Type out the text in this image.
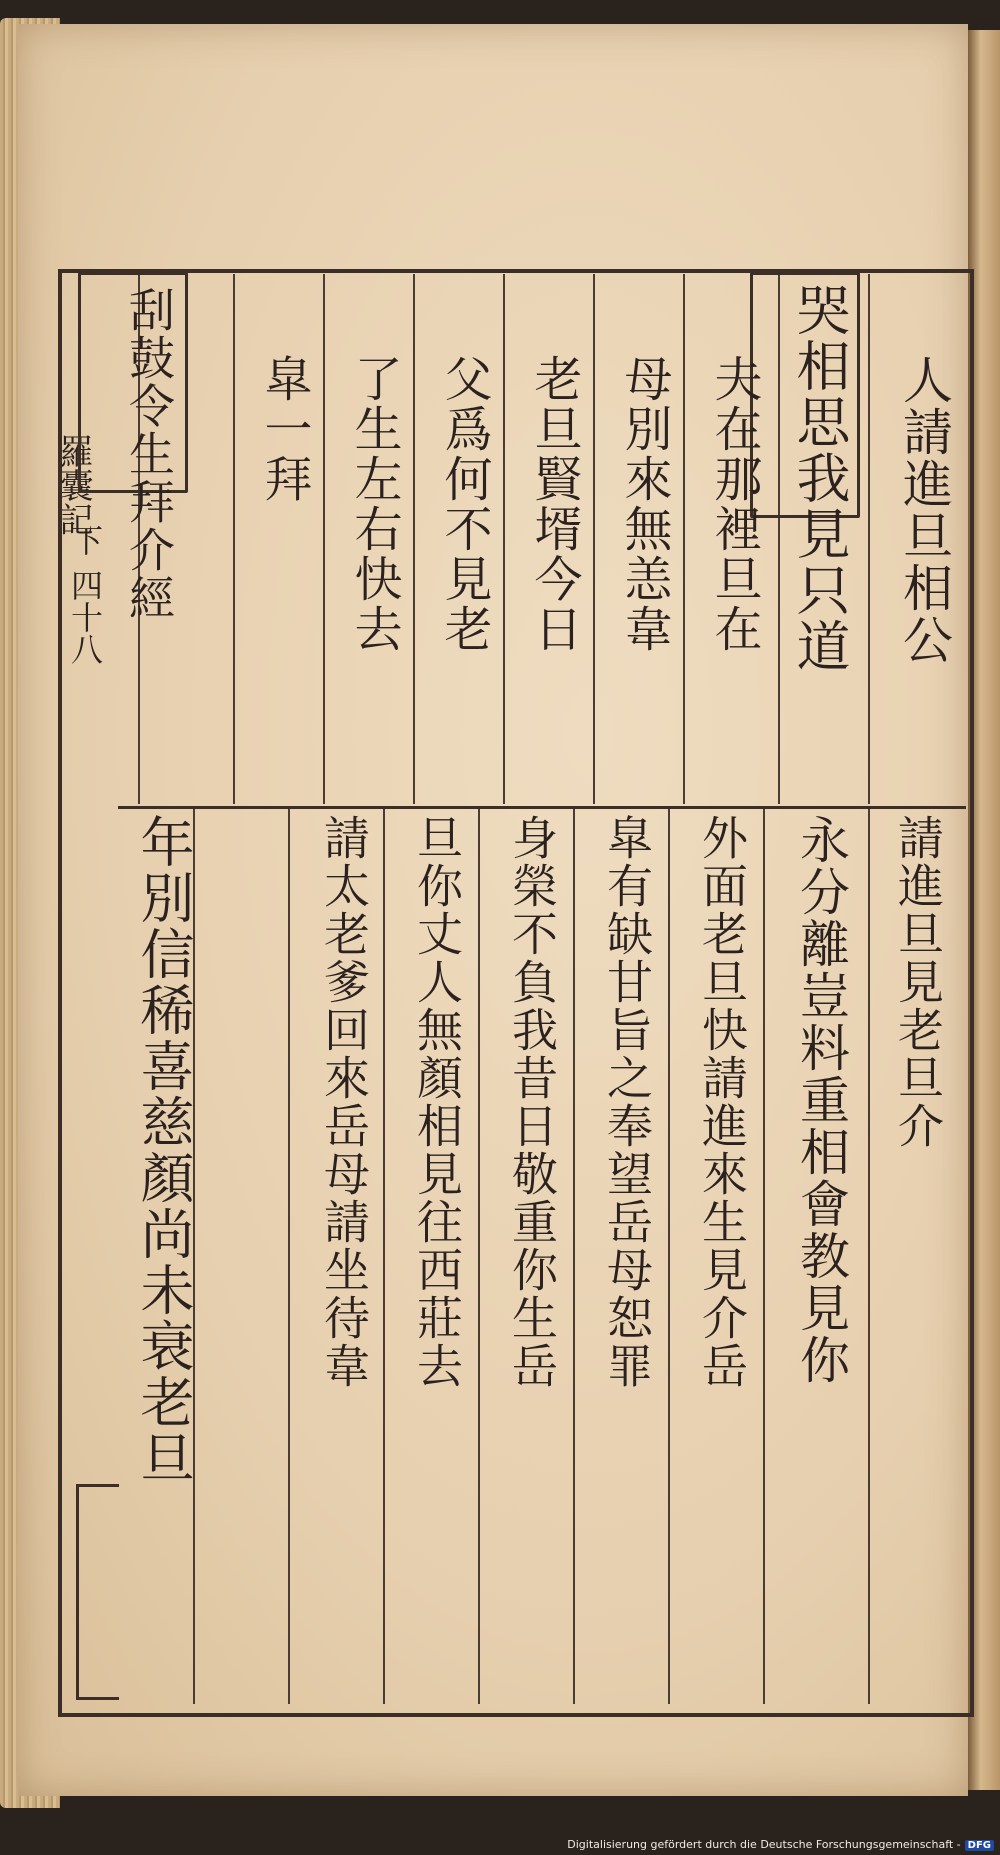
羅囊記
下
四十八	人請進旦相公
哭相思我見只道
夫在那裡旦在
母別來無恙韋
老旦賢壻今日
父爲何不見老
了生左右快去
皐一拜
刮鼓令生拜介經
請進旦見老旦介
永分離豈料重相會教見你
外面老旦快請進來生見介岳
皐有缺甘旨之奉望岳母恕罪
身榮不負我昔日敬重你生岳
旦你丈人無顏相見往西莊去
請太老爹回來岳母請坐待韋
年別信稀喜慈顏尚未衰老旦
Digitalisierung gefördert durch die Deutsche Forschungsgemeinschaft - DFG
